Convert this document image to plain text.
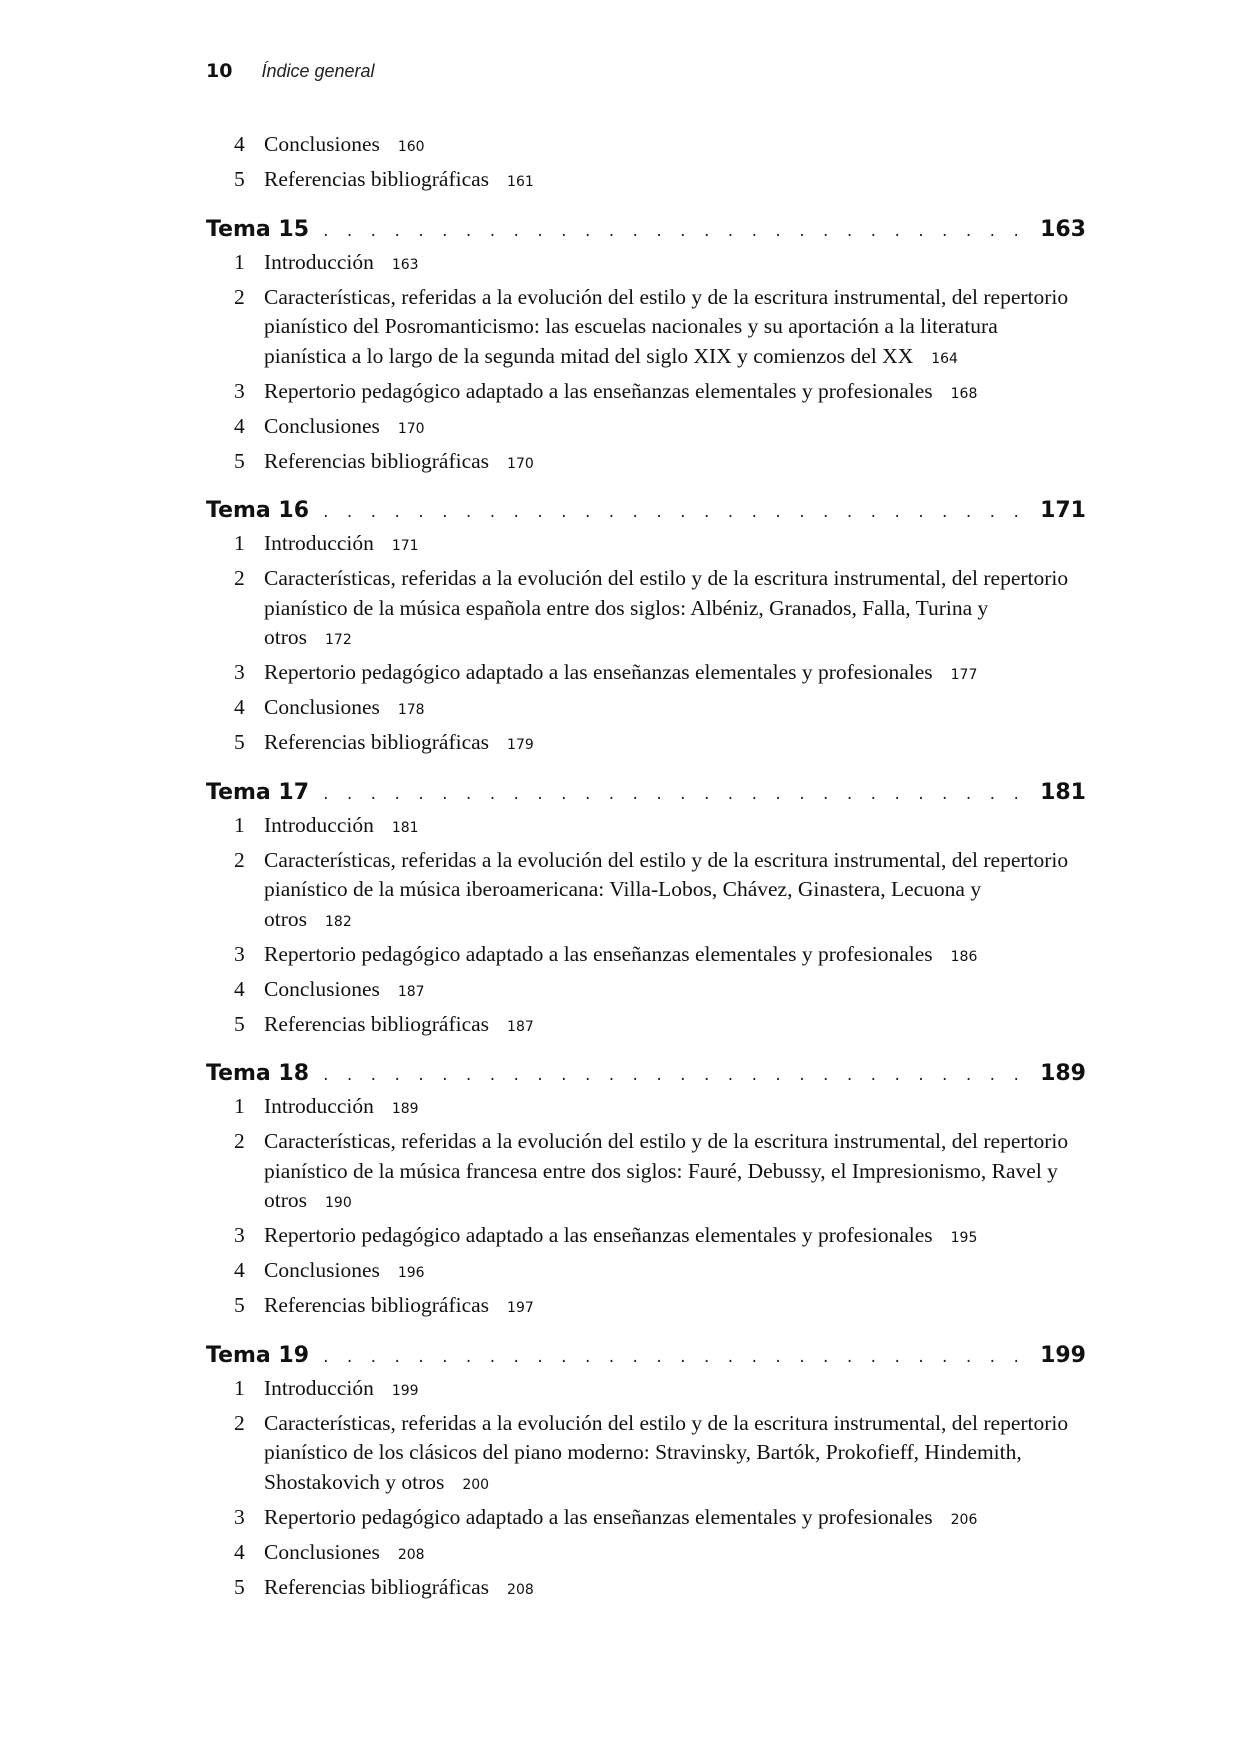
10 Índice general
4 Conclusiones 160
5 Referencias bibliográficas 161
Tema 15 . . .	163
1 Introducción 163
2 Características, referidas a la evolución del estilo y de la escritura instrumental, del repertorio pianístico del Posromanticismo: las escuelas nacionales y su aportación a la literatura pianística a lo largo de la segunda mitad del siglo XIX y comienzos del XX 164
3 Repertorio pedagógico adaptado a las enseñanzas elementales y profesionales 168
4 Conclusiones 170
5 Referencias bibliográficas 170
Tema 16 . . .	171
1 Introducción 171
2 Características, referidas a la evolución del estilo y de la escritura instrumental, del repertorio pianístico de la música española entre dos siglos: Albéniz, Granados, Falla, Turina y otros 172
3 Repertorio pedagógico adaptado a las enseñanzas elementales y profesionales 177
4 Conclusiones 178
5 Referencias bibliográficas 179
Tema 17 . . .	181
1 Introducción 181
2 Características, referidas a la evolución del estilo y de la escritura instrumental, del repertorio pianístico de la música iberoamericana: Villa-Lobos, Chávez, Ginastera, Lecuona y otros 182
3 Repertorio pedagógico adaptado a las enseñanzas elementales y profesionales 186
4 Conclusiones 187
5 Referencias bibliográficas 187
Tema 18 . . .	189
1 Introducción 189
2 Características, referidas a la evolución del estilo y de la escritura instrumental, del repertorio pianístico de la música francesa entre dos siglos: Fauré, Debussy, el Impresionismo, Ravel y otros 190
3 Repertorio pedagógico adaptado a las enseñanzas elementales y profesionales 195
4 Conclusiones 196
5 Referencias bibliográficas 197
Tema 19 . . .	199
1 Introducción 199
2 Características, referidas a la evolución del estilo y de la escritura instrumental, del repertorio pianístico de los clásicos del piano moderno: Stravinsky, Bartók, Prokofieff, Hindemith, Shostakovich y otros 200
3 Repertorio pedagógico adaptado a las enseñanzas elementales y profesionales 206
4 Conclusiones 208
5 Referencias bibliográficas 208
